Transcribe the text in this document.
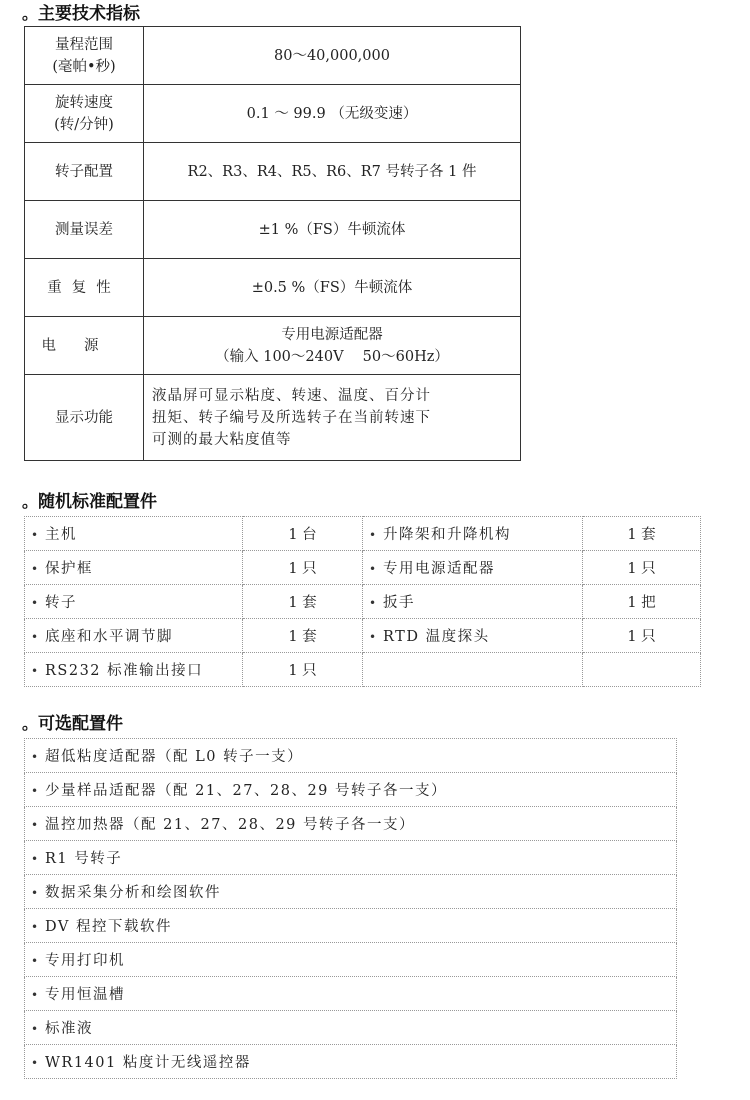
。主要技术指标
量程范围
(毫帕•秒)	80～40,000,000

旋转速度
(转/分钟)	0.1 ～ 99.9 （无级变速）
转子配置	R2、R3、R4、R5、R6、R7 号转子各 1 件
测量误差	±1 %（FS）牛顿流体
重复性	±0.5 %（FS）牛顿流体
电源	专用电源适配器
（输入 100～240V　 50～60Hz）

显示功能	液晶屏可显示粘度、转速、温度、百分计
扭矩、转子编号及所选转子在当前转速下
可测的最大粘度值等
。随机标准配置件
• 主机	1 台	• 升降架和升降机构	1 套
• 保护框	1 只	• 专用电源适配器	1 只
• 转子	1 套	• 扳手	1 把
• 底座和水平调节脚	1 套	• RTD 温度探头	1 只
• RS232 标准输出接口	1 只		
。可选配置件
• 超低粘度适配器（配 L0 转子一支）
• 少量样品适配器（配 21、27、28、29 号转子各一支）
• 温控加热器（配 21、27、28、29 号转子各一支）
• R1 号转子
• 数据采集分析和绘图软件
• DV 程控下载软件
• 专用打印机
• 专用恒温槽
• 标准液
• WR1401 粘度计无线遥控器
